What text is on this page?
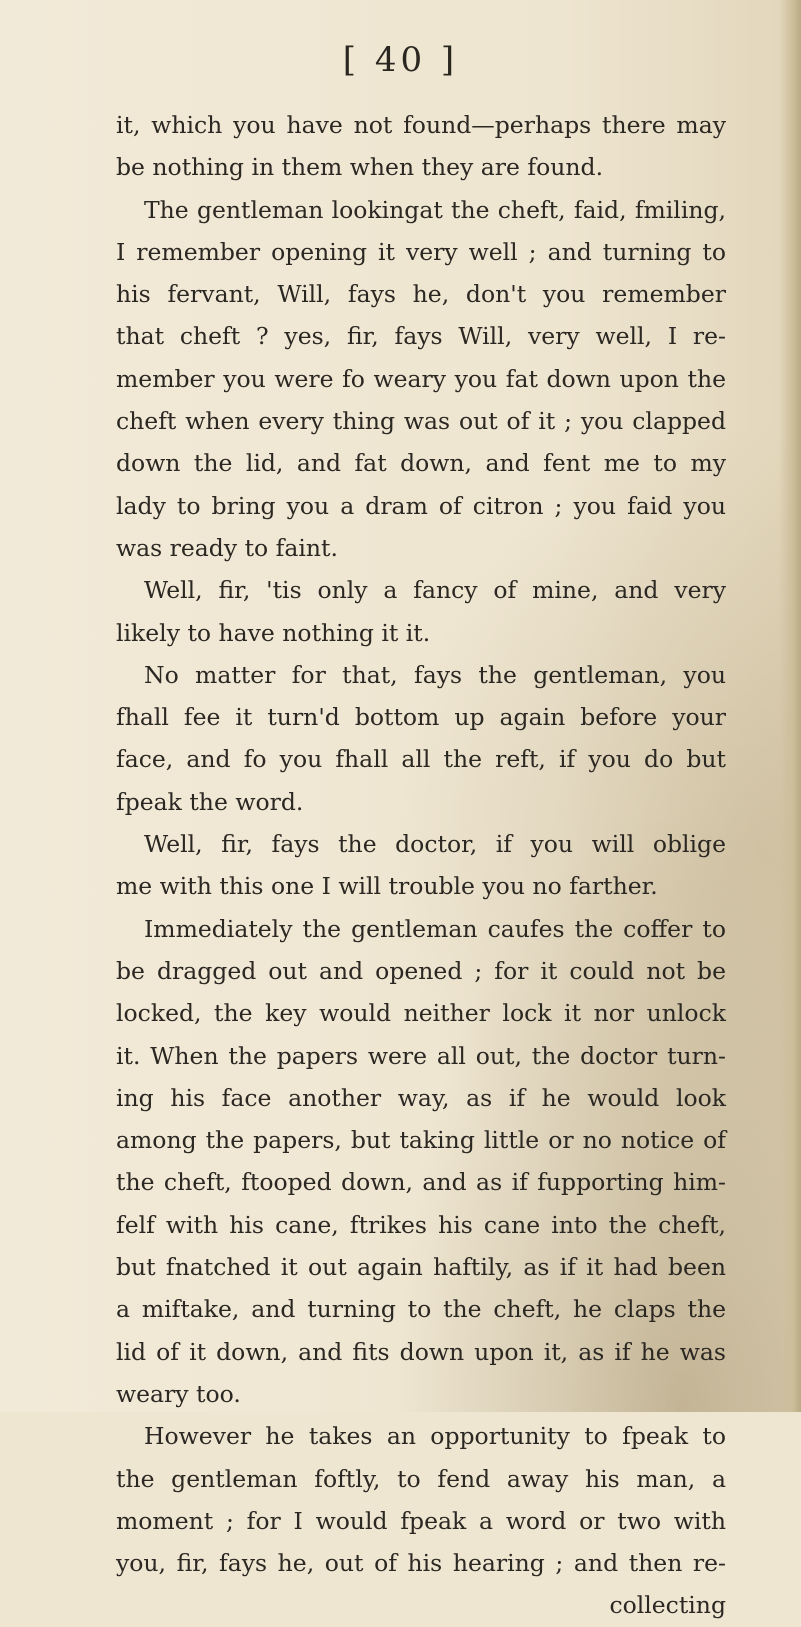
[ 40 ]
it, which you have not found—perhaps there may
be nothing in them when they are found.
The gentleman lookingat the cheft, faid, fmiling,
I remember opening it very well ; and turning to
his fervant, Will, fays he, don't you remember
that cheft ? yes, fir, fays Will, very well, I re-
member you were fo weary you fat down upon the
cheft when every thing was out of it ; you clapped
down the lid, and fat down, and fent me to my
lady to bring you a dram of citron ; you faid you
was ready to faint.
Well, fir, 'tis only a fancy of mine, and very
likely to have nothing it it.
No matter for that, fays the gentleman, you
fhall fee it turn'd bottom up again before your
face, and fo you fhall all the reft, if you do but
fpeak the word.
Well, fir, fays the doctor, if you will oblige
me with this one I will trouble you no farther.
Immediately the gentleman caufes the coffer to
be dragged out and opened ; for it could not be
locked, the key would neither lock it nor unlock
it. When the papers were all out, the doctor turn-
ing his face another way, as if he would look
among the papers, but taking little or no notice of
the cheft, ftooped down, and as if fupporting him-
felf with his cane, ftrikes his cane into the cheft,
but fnatched it out again haftily, as if it had been
a miftake, and turning to the cheft, he claps the
lid of it down, and fits down upon it, as if he was
weary too.
However he takes an opportunity to fpeak to
the gentleman foftly, to fend away his man, a
moment ; for I would fpeak a word or two with
you, fir, fays he, out of his hearing ; and then re-
collecting
